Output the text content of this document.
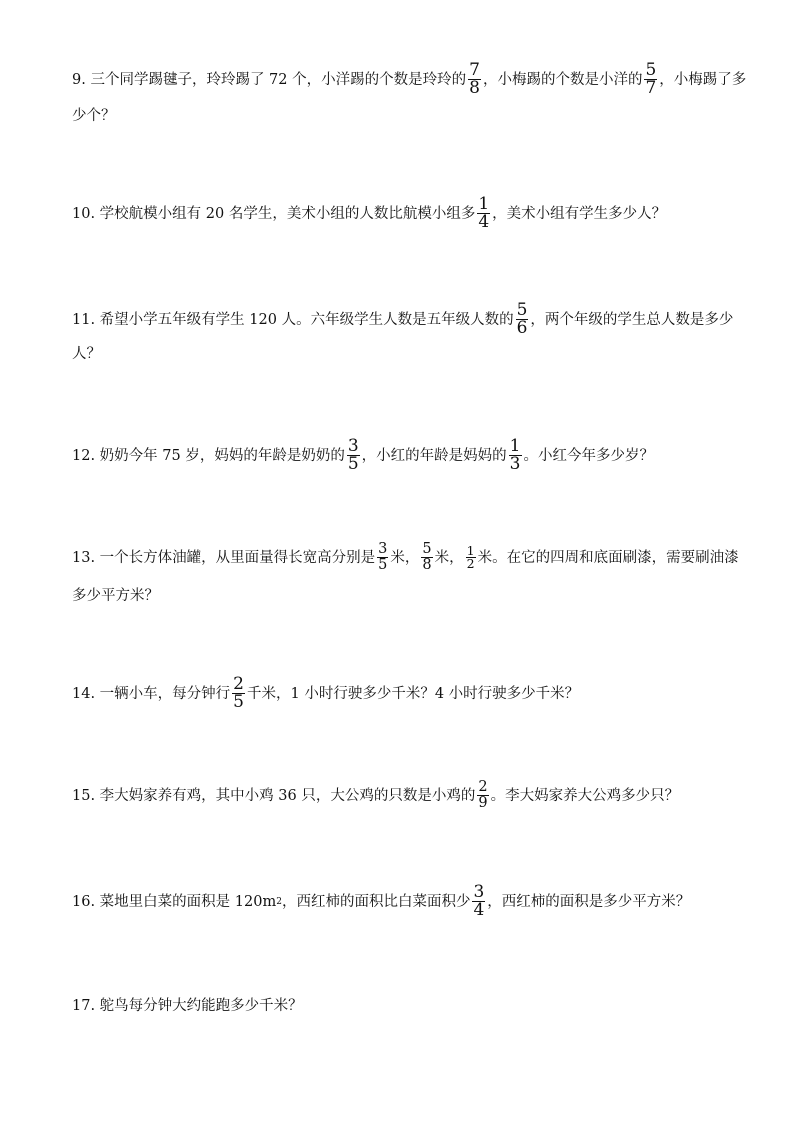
9.
三个同学踢毽子，玲玲踢了 72 个，小洋踢的个数是玲玲的 $\frac{7}{8}$ ，小梅踢的个数是小洋的 $\frac{5}{7}$ ，小梅踢了多
少个？
10.
学校航模小组有 20 名学生，美术小组的人数比航模小组多 $\frac{1}{4}$ ，美术小组有学生多少人？
11.
希望小学五年级有学生 120 人。六年级学生人数是五年级人数的 $\frac{5}{6}$ ，两个年级的学生总人数是多少
人？
12.
奶奶今年 75 岁，妈妈的年龄是奶奶的 $\frac{3}{5}$ ，小红的年龄是妈妈的 $\frac{1}{3}$ 。小红今年多少岁？
13.
一个长方体油罐，从里面量得长宽高分别是 $\frac{3}{5}$ 米， $\frac{5}{8}$ 米， $\frac{1}{2}$ 米。在它的四周和底面刷漆，需要刷油漆
多少平方米？
14.
一辆小车，每分钟行 $\frac{2}{5}$ 千米，1 小时行驶多少千米？4 小时行驶多少千米？
15.
李大妈家养有鸡，其中小鸡 36 只，大公鸡的只数是小鸡的 $\frac{2}{9}$ 。李大妈家养大公鸡多少只？
16.
菜地里白菜的面积是 120m 2 ，西红柿的面积比白菜面积少 $\frac{3}{4}$ ，西红柿的面积是多少平方米？
17.
鸵鸟每分钟大约能跑多少千米？
